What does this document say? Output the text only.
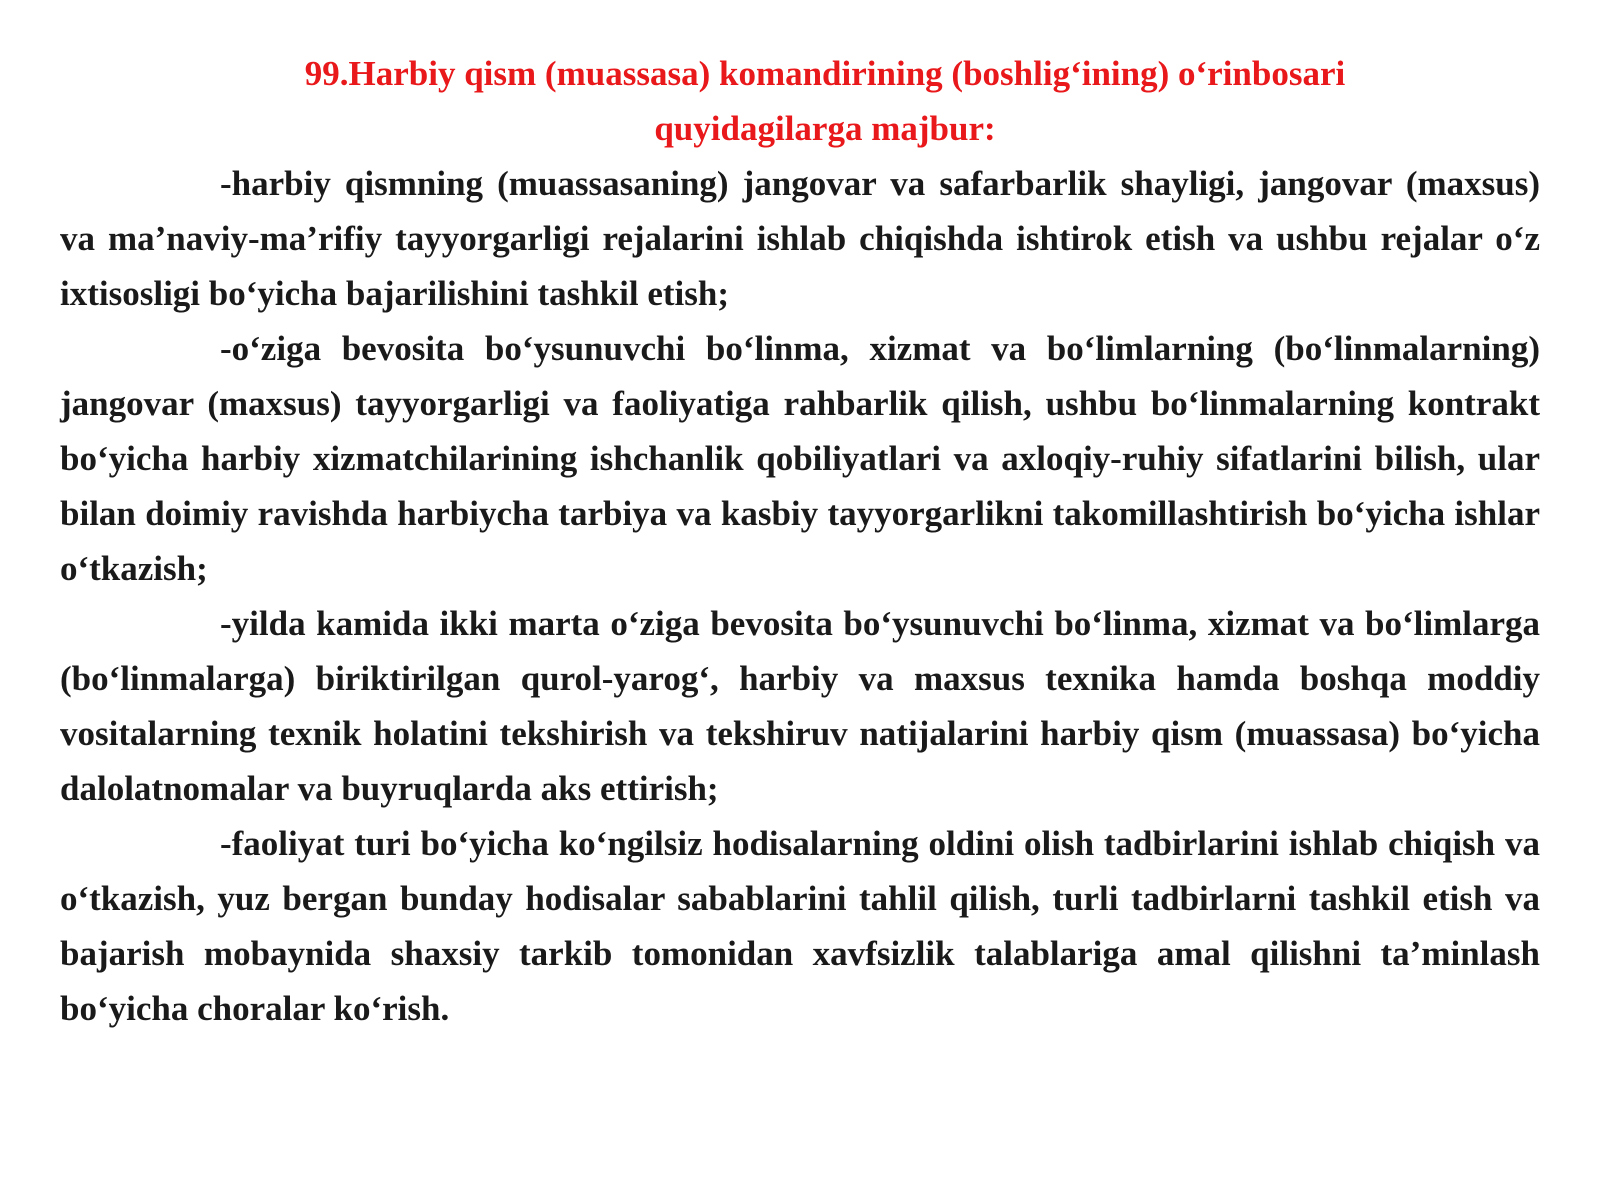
99.Harbiy qism (muassasa) komandirining (boshlig‘ining) o‘rinbosari
quyidagilarga majbur:

-harbiy qismning (muassasaning) jangovar va safarbarlik shayligi, jangovar (maxsus) va ma’naviy-ma’rifiy tayyorgarligi rejalarini ishlab chiqishda ishtirok etish va ushbu rejalar o‘z ixtisosligi bo‘yicha bajarilishini tashkil etish;

-o‘ziga bevosita bo‘ysunuvchi bo‘linma, xizmat va bo‘limlarning (bo‘linmalarning) jangovar (maxsus) tayyorgarligi va faoliyatiga rahbarlik qilish, ushbu bo‘linmalarning kontrakt bo‘yicha harbiy xizmatchilarining ishchanlik qobiliyatlari va axloqiy-ruhiy sifatlarini bilish, ular bilan doimiy ravishda harbiycha tarbiya va kasbiy tayyorgarlikni takomillashtirish bo‘yicha ishlar o‘tkazish;

-yilda kamida ikki marta o‘ziga bevosita bo‘ysunuvchi bo‘linma, xizmat va bo‘limlarga (bo‘linmalarga) biriktirilgan qurol-yarog‘, harbiy va maxsus texnika hamda boshqa moddiy vositalarning texnik holatini tekshirish va tekshiruv natijalarini harbiy qism (muassasa) bo‘yicha dalolatnomalar va buyruqlarda aks ettirish;

-faoliyat turi bo‘yicha ko‘ngilsiz hodisalarning oldini olish tadbirlarini ishlab chiqish va o‘tkazish, yuz bergan bunday hodisalar sabablarini tahlil qilish, turli tadbirlarni tashkil etish va bajarish mobaynida shaxsiy tarkib tomonidan xavfsizlik talablariga amal qilishni ta’minlash bo‘yicha choralar ko‘rish.
